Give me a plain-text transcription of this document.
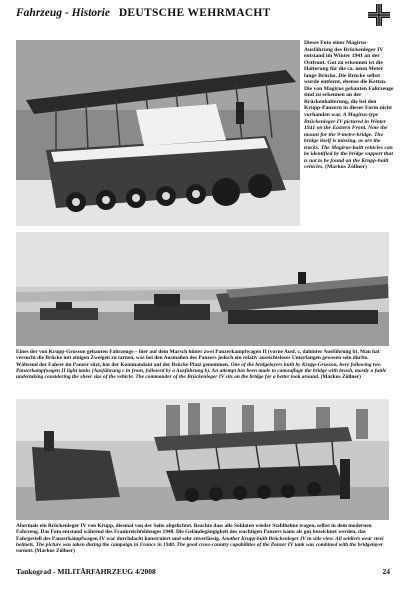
Fahrzeug - Historie DEUTSCHE WEHRMACHT
Dieses Foto einer Magirus-Ausführung des Brückenleger IV entstand im Winter 1941 an der Ostfront. Gut zu erkennen ist die Halterung für die ca. neun Meter lange Brücke. Die Brücke selbst wurde entfernt, ebenso die Ketten. Die von Magirus gebauten Fahrzeuge sind zu erkennen an der Brückenhalterung, die bei den Krupp-Panzern in dieser Form nicht vorhanden war. A Magirus-type Brückenleger IV pictured in Winter 1941 on the Eastern Front. Note the mount for the 9-metre-bridge. The bridge itself is missing, as are the tracks. The Magirus-built vehicles can be identified by the bridge support that is not to be found on the Krupp-built vehicles. (Markus Zöllner)
Eines der von Krupp-Grusson gebauten Fahrzeuge – hier auf dem Marsch hinter zwei Panzerkampfwagen II (vorne Ausf. c, dahinter Ausführung b). Man hat versucht die Brücke mit einigen Zweigen zu tarnen, was bei den Ausmaßen des Panzers jedoch ein relativ aussichtsloses Unterfangen gewesen sein dürfte. Während der Fahrer im Panzer sitzt, hat der Kommandant auf der Brücke Platz genommen. One of the bridgelayers built by Krupp-Grusson, here following two Panzerkampfwagen II light tanks (Ausführung c in front, followed by a Ausführung b). An attempt has been made to camouflage the bridge with brush, mostly a futile undertaking considering the sheer size of the vehicle. The commander of the Brückenleger IV sits on the bridge for a better look around. (Markus Zöllner)
Abermals ein Brückenleger IV von Krupp, diesmal von der Seite abgelichtet. Beachte dass alle Soldaten wieder Stahlhelme tragen, selbst in dem modernen Fahrzeug. Das Foto entstand während des Frankreichfeldzuges 1940. Die Geländegängigkeit des wuchtigen Panzers kann als gut bezeichnet werden, das Fahrgestell des Panzerkampfwagen IV war durchdacht konstruiert und sehr zuverlässig. Another Krupp-built Brückenleger IV in side view. All soldiers wear steel helmets. The picture was taken during the campaign in France in 1940. The good cross-country capabilities of the Panzer IV tank was combined with the bridgelayer variant. (Markus Zöllner)
Tankograd - MILITÄRFAHRZEUG 4/2008	24
